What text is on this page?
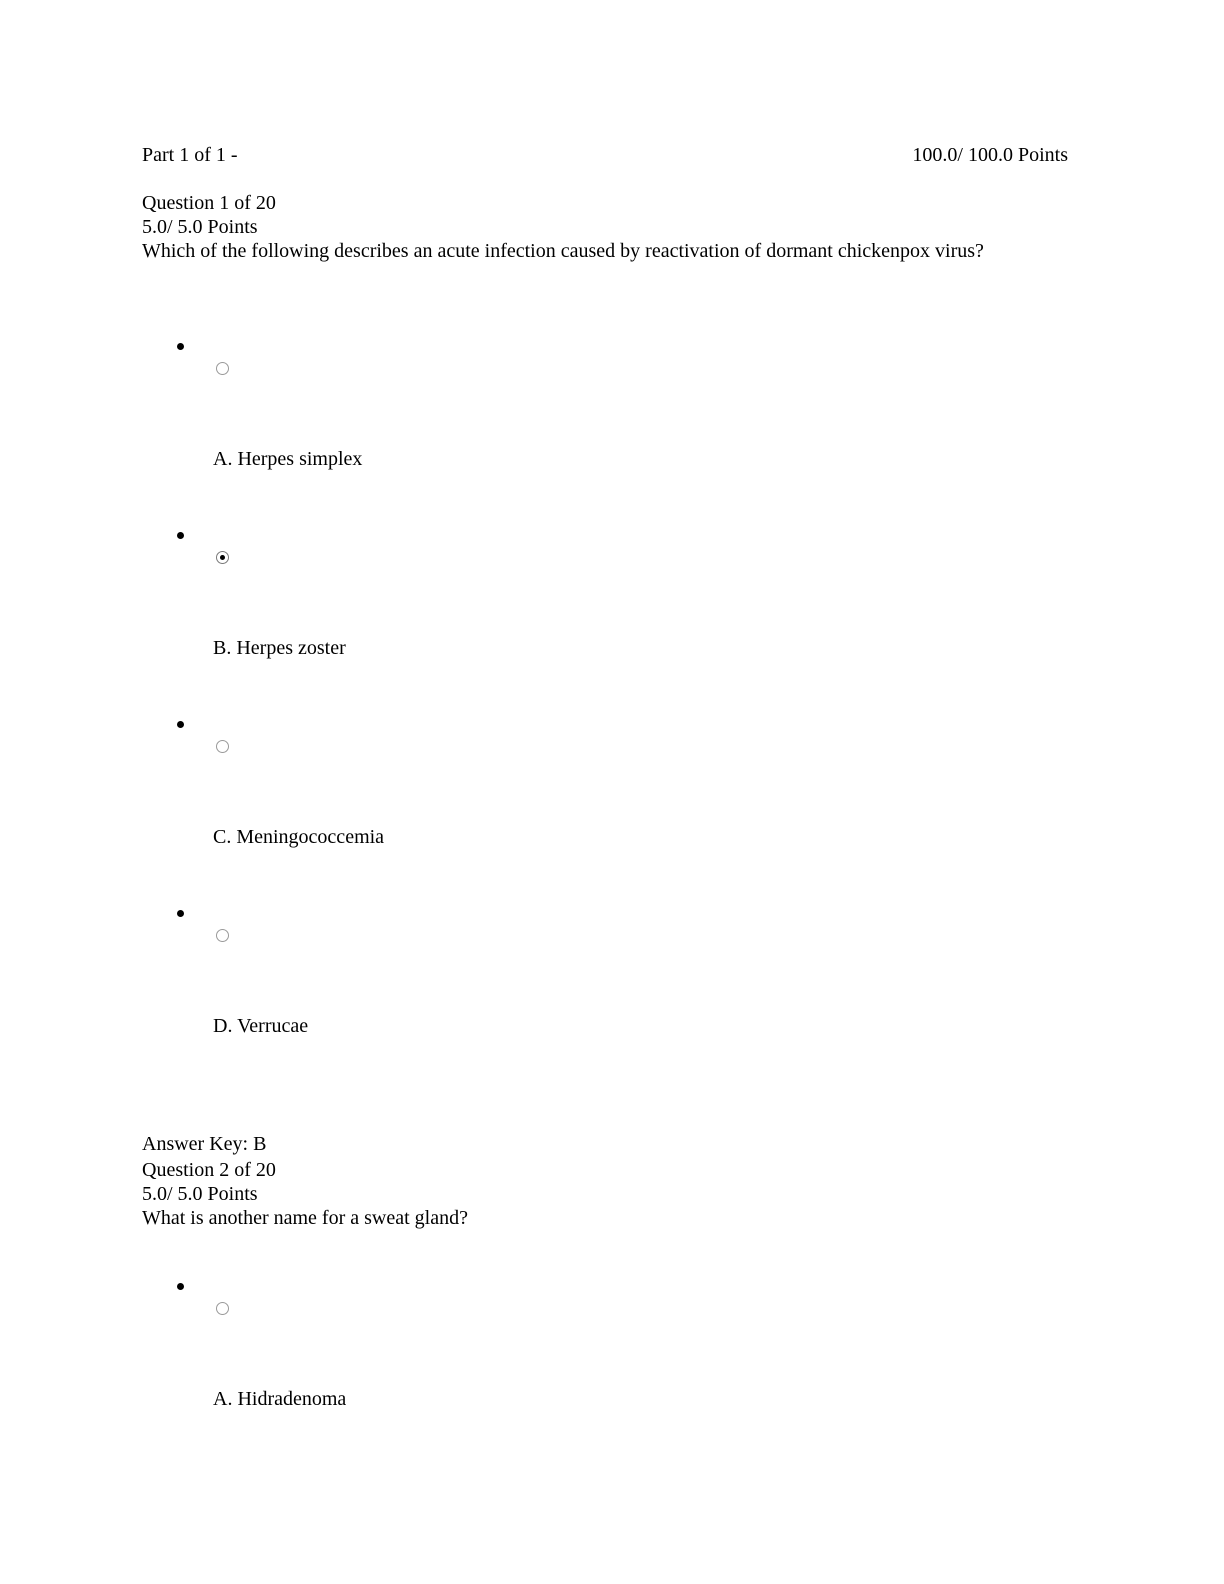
Part 1 of 1 -	100.0/ 100.0 Points
Question 1 of 20
5.0/ 5.0 Points
Which of the following describes an acute infection caused by reactivation of dormant chickenpox virus?
A. Herpes simplex
B. Herpes zoster
C. Meningococcemia
D. Verrucae
Answer Key: B
Question 2 of 20
5.0/ 5.0 Points
What is another name for a sweat gland?
A. Hidradenoma
